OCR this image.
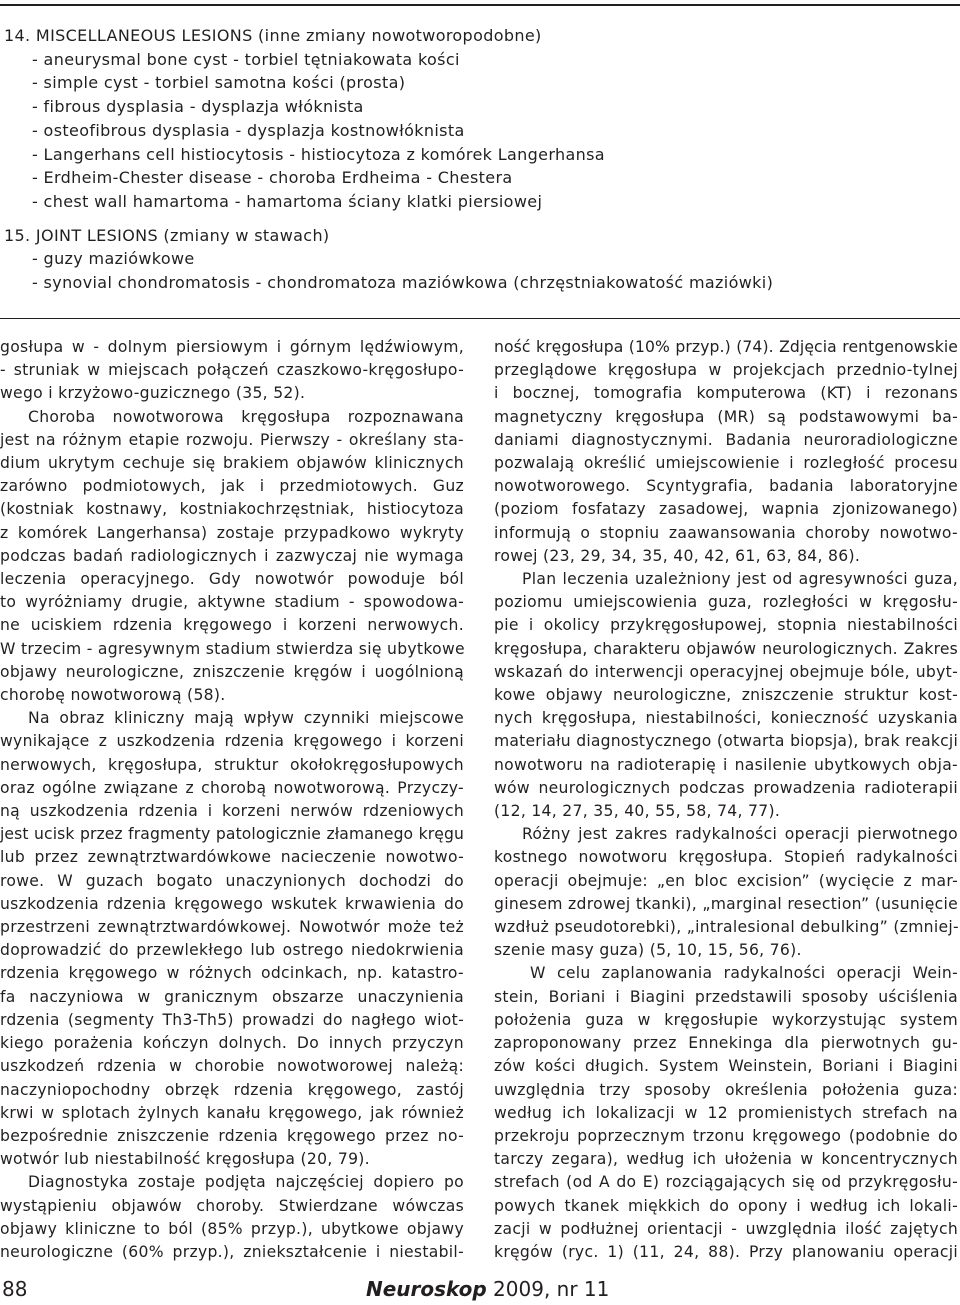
14. MISCELLANEOUS LESIONS (inne zmiany nowotworopodobne)

- aneurysmal bone cyst - torbiel tętniakowata kości

- simple cyst - torbiel samotna kości (prosta)

- fibrous dysplasia - dysplazja włóknista

- osteofibrous dysplasia - dysplazja kostnowłóknista

- Langerhans cell histiocytosis - histiocytoza z komórek Langerhansa

- Erdheim-Chester disease - choroba Erdheima - Chestera

- chest wall hamartoma - hamartoma ściany klatki piersiowej

15. JOINT LESIONS (zmiany w stawach)

- guzy maziówkowe

- synovial chondromatosis - chondromatoza maziówkowa (chrzęstniakowatość maziówki)

gosłupa w - dolnym piersiowym i górnym lędźwiowym,

- struniak w miejscach połączeń czaszkowo-kręgosłupo-

wego i krzyżowo-guzicznego (35, 52).

Choroba nowotworowa kręgosłupa rozpoznawana

jest na różnym etapie rozwoju. Pierwszy - określany sta-

dium ukrytym cechuje się brakiem objawów klinicznych

zarówno podmiotowych, jak i przedmiotowych. Guz

(kostniak kostnawy, kostniakochrzęstniak, histiocytoza

z komórek Langerhansa) zostaje przypadkowo wykryty

podczas badań radiologicznych i zazwyczaj nie wymaga

leczenia operacyjnego. Gdy nowotwór powoduje ból

to wyróżniamy drugie, aktywne stadium - spowodowa-

ne uciskiem rdzenia kręgowego i korzeni nerwowych.

W trzecim - agresywnym stadium stwierdza się ubytkowe

objawy neurologiczne, zniszczenie kręgów i uogólnioną

chorobę nowotworową (58).

Na obraz kliniczny mają wpływ czynniki miejscowe

wynikające z uszkodzenia rdzenia kręgowego i korzeni

nerwowych, kręgosłupa, struktur okołokręgosłupowych

oraz ogólne związane z chorobą nowotworową. Przyczy-

ną uszkodzenia rdzenia i korzeni nerwów rdzeniowych

jest ucisk przez fragmenty patologicznie złamanego kręgu

lub przez zewnątrztwardówkowe nacieczenie nowotwo-

rowe. W guzach bogato unaczynionych dochodzi do

uszkodzenia rdzenia kręgowego wskutek krwawienia do

przestrzeni zewnątrztwardówkowej. Nowotwór może też

doprowadzić do przewlekłego lub ostrego niedokrwienia

rdzenia kręgowego w różnych odcinkach, np. katastro-

fa naczyniowa w granicznym obszarze unaczynienia

rdzenia (segmenty Th3-Th5) prowadzi do nagłego wiot-

kiego porażenia kończyn dolnych. Do innych przyczyn

uszkodzeń rdzenia w chorobie nowotworowej należą:

naczyniopochodny obrzęk rdzenia kręgowego, zastój

krwi w splotach żylnych kanału kręgowego, jak również

bezpośrednie zniszczenie rdzenia kręgowego przez no-

wotwór lub niestabilność kręgosłupa (20, 79).

Diagnostyka zostaje podjęta najczęściej dopiero po

wystąpieniu objawów choroby. Stwierdzane wówczas

objawy kliniczne to ból (85% przyp.), ubytkowe objawy

neurologiczne (60% przyp.), zniekształcenie i niestabil-

ność kręgosłupa (10% przyp.) (74). Zdjęcia rentgenowskie

przeglądowe kręgosłupa w projekcjach przednio-tylnej

i bocznej, tomografia komputerowa (KT) i rezonans

magnetyczny kręgosłupa (MR) są podstawowymi ba-

daniami diagnostycznymi. Badania neuroradiologiczne

pozwalają określić umiejscowienie i rozległość procesu

nowotworowego. Scyntygrafia, badania laboratoryjne

(poziom fosfatazy zasadowej, wapnia zjonizowanego)

informują o stopniu zaawansowania choroby nowotwo-

rowej (23, 29, 34, 35, 40, 42, 61, 63, 84, 86).

Plan leczenia uzależniony jest od agresywności guza,

poziomu umiejscowienia guza, rozległości w kręgosłu-

pie i okolicy przykręgosłupowej, stopnia niestabilności

kręgosłupa, charakteru objawów neurologicznych. Zakres

wskazań do interwencji operacyjnej obejmuje bóle, ubyt-

kowe objawy neurologiczne, zniszczenie struktur kost-

nych kręgosłupa, niestabilności, konieczność uzyskania

materiału diagnostycznego (otwarta biopsja), brak reakcji

nowotworu na radioterapię i nasilenie ubytkowych obja-

wów neurologicznych podczas prowadzenia radioterapii

(12, 14, 27, 35, 40, 55, 58, 74, 77).

Różny jest zakres radykalności operacji pierwotnego

kostnego nowotworu kręgosłupa. Stopień radykalności

operacji obejmuje: „en bloc excision” (wycięcie z mar-

ginesem zdrowej tkanki), „marginal resection” (usunięcie

wzdłuż pseudotorebki), „intralesional debulking” (zmniej-

szenie masy guza) (5, 10, 15, 56, 76).

W celu zaplanowania radykalności operacji Wein-

stein, Boriani i Biagini przedstawili sposoby uściślenia

położenia guza w kręgosłupie wykorzystując system

zaproponowany przez Ennekinga dla pierwotnych gu-

zów kości długich. System Weinstein, Boriani i Biagini

uwzględnia trzy sposoby określenia położenia guza:

według ich lokalizacji w 12 promienistych strefach na

przekroju poprzecznym trzonu kręgowego (podobnie do

tarczy zegara), według ich ułożenia w koncentrycznych

strefach (od A do E) rozciągających się od przykręgosłu-

powych tkanek miękkich do opony i według ich lokali-

zacji w podłużnej orientacji - uwzględnia ilość zajętych

kręgów (ryc. 1) (11, 24, 88). Przy planowaniu operacji

88	Neuroskop 2009, nr 11
